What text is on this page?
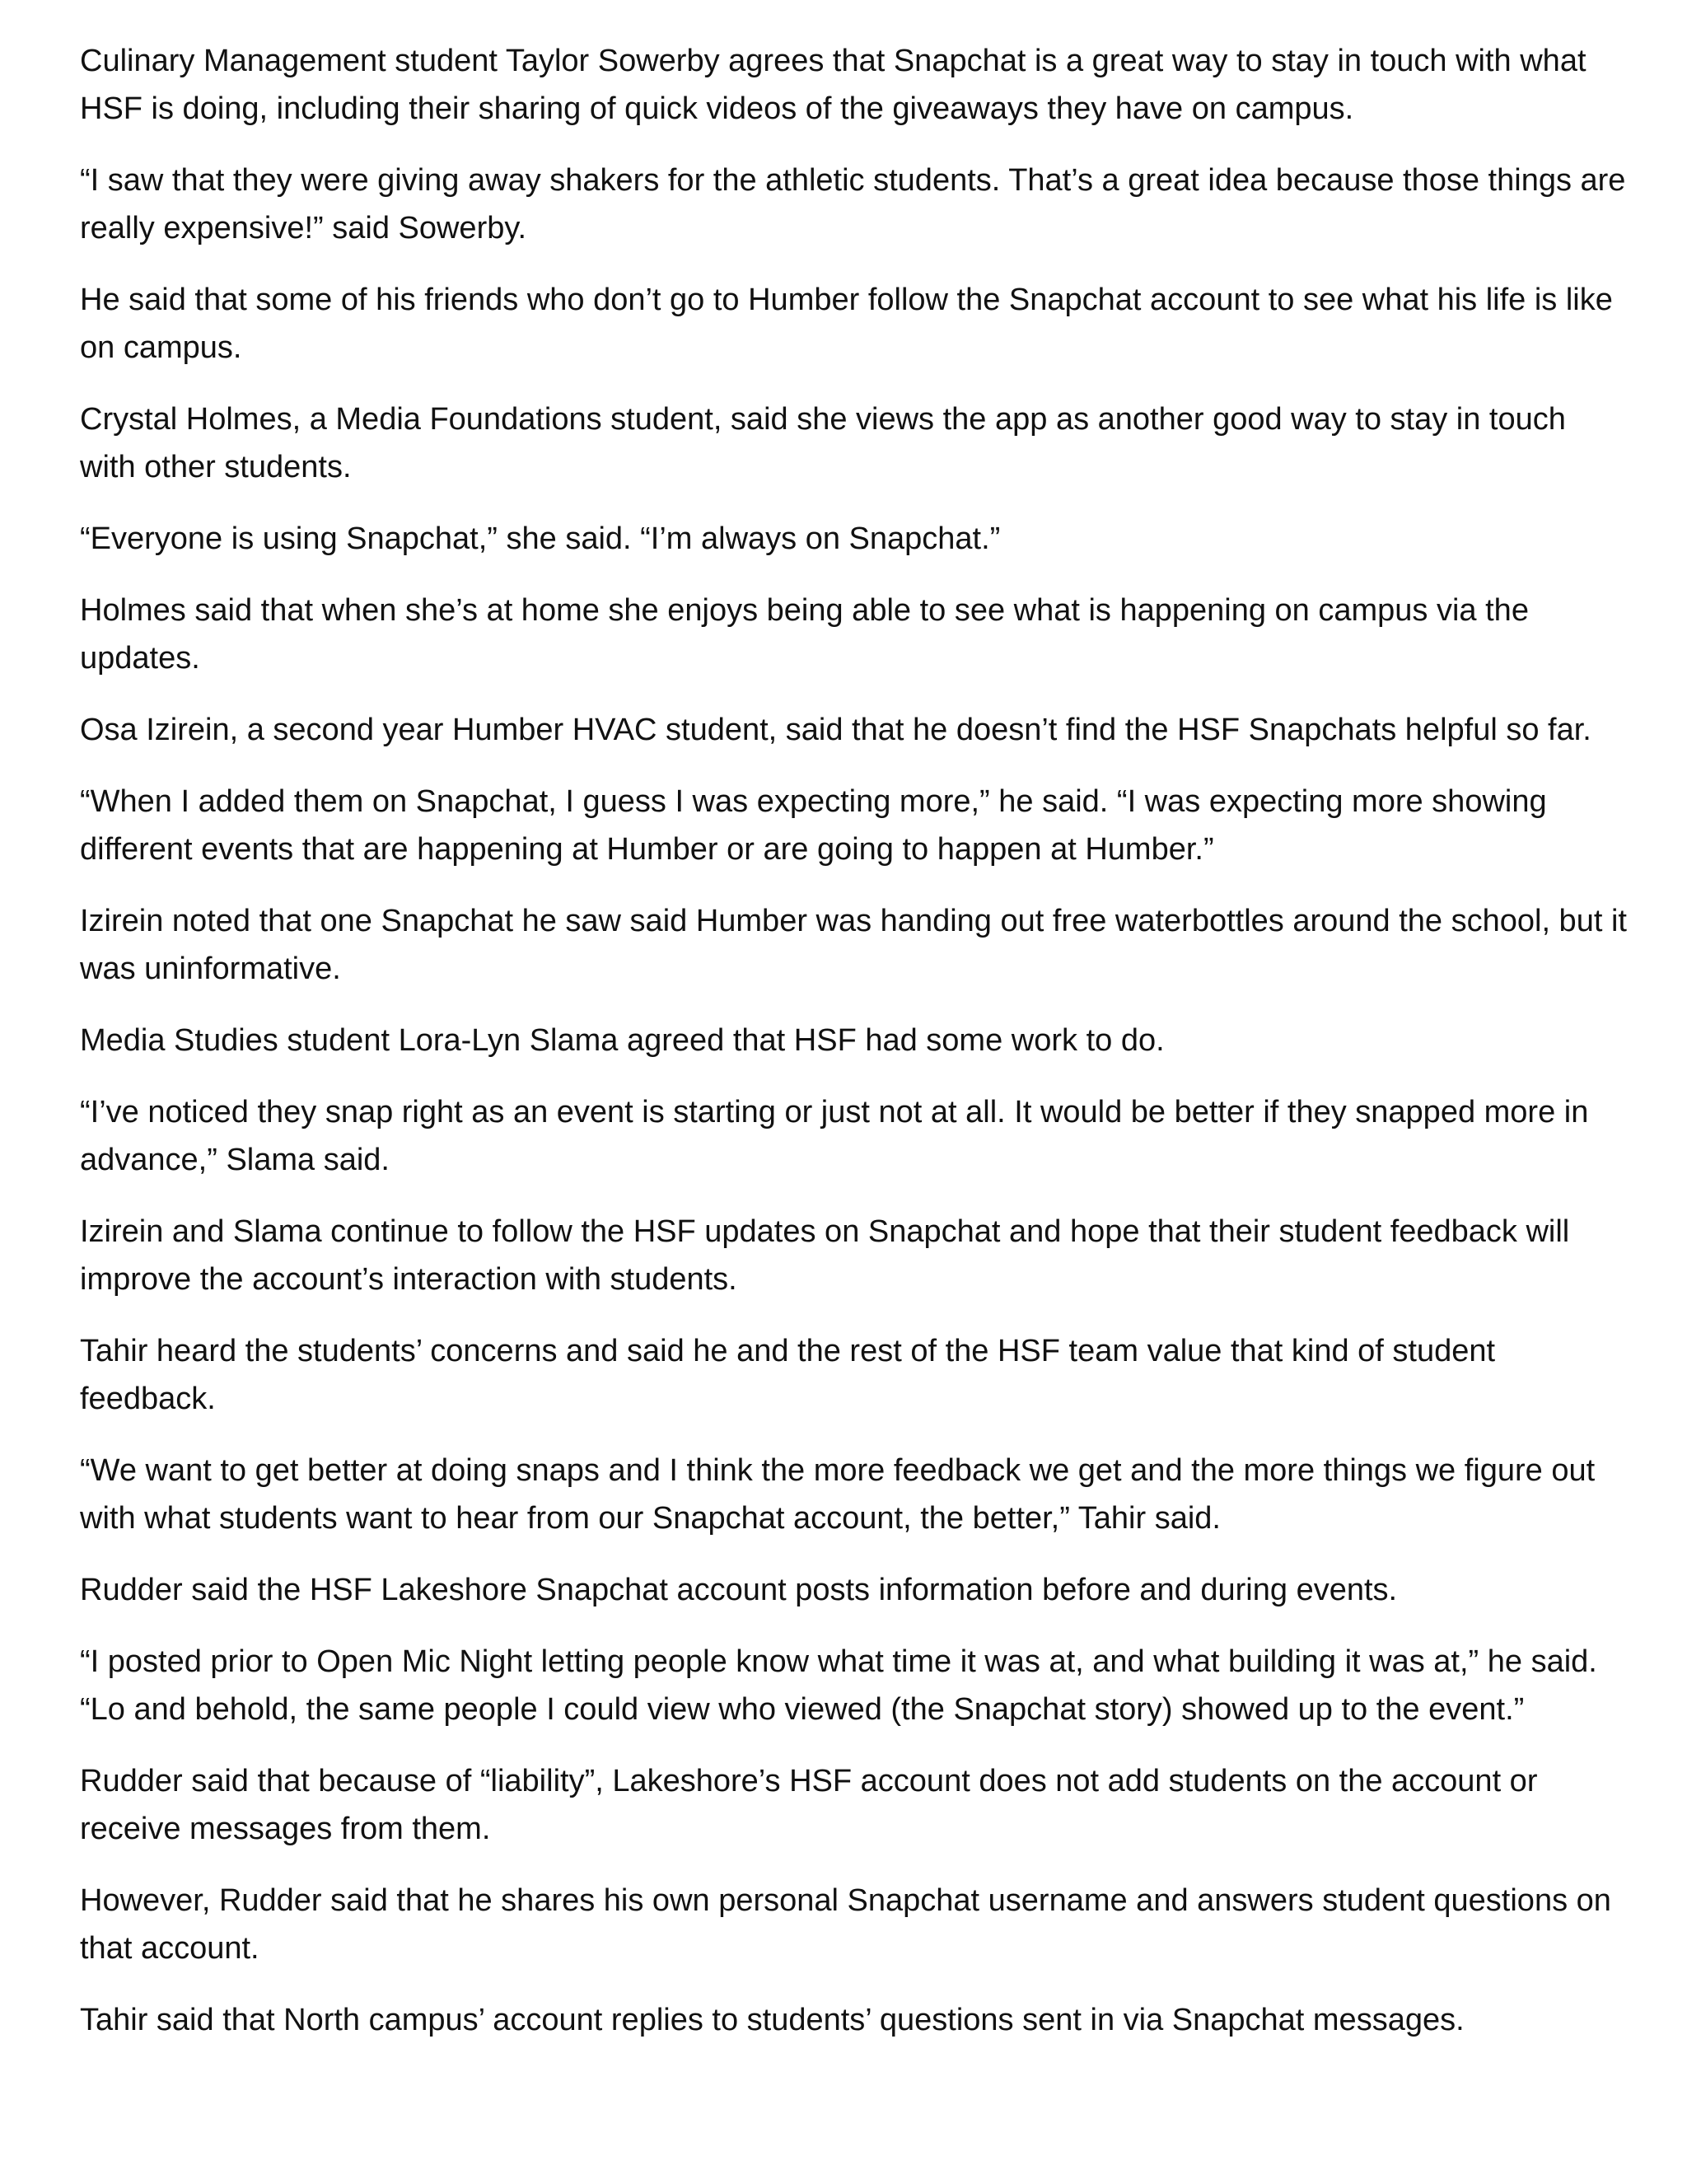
Culinary Management student Taylor Sowerby agrees that Snapchat is a great way to stay in touch with what HSF is doing, including their sharing of quick videos of the giveaways they have on campus.

“I saw that they were giving away shakers for the athletic students. That’s a great idea because those things are really expensive!” said Sowerby.

He said that some of his friends who don’t go to Humber follow the Snapchat account to see what his life is like on campus.

Crystal Holmes, a Media Foundations student, said she views the app as another good way to stay in touch with other students.

“Everyone is using Snapchat,” she said. “I’m always on Snapchat.”

Holmes said that when she’s at home she enjoys being able to see what is happening on campus via the updates.

Osa Izirein, a second year Humber HVAC student, said that he doesn’t find the HSF Snapchats helpful so far.

“When I added them on Snapchat, I guess I was expecting more,” he said. “I was expecting more showing different events that are happening at Humber or are going to happen at Humber.”

Izirein noted that one Snapchat he saw said Humber was handing out free waterbottles around the school, but it was uninformative.

Media Studies student Lora-Lyn Slama agreed that HSF had some work to do.

“I’ve noticed they snap right as an event is starting or just not at all. It would be better if they snapped more in advance,” Slama said.

Izirein and Slama continue to follow the HSF updates on Snapchat and hope that their student feedback will improve the account’s interaction with students.

Tahir heard the students’ concerns and said he and the rest of the HSF team value that kind of student feedback.

“We want to get better at doing snaps and I think the more feedback we get and the more things we figure out with what students want to hear from our Snapchat account, the better,” Tahir said.

Rudder said the HSF Lakeshore Snapchat account posts information before and during events.

“I posted prior to Open Mic Night letting people know what time it was at, and what building it was at,” he said. “Lo and behold, the same people I could view who viewed (the Snapchat story) showed up to the event.”

Rudder said that because of “liability”, Lakeshore’s HSF account does not add students on the account or receive messages from them.

However, Rudder said that he shares his own personal Snapchat username and answers student questions on that account.

Tahir said that North campus’ account replies to students’ questions sent in via Snapchat messages.
